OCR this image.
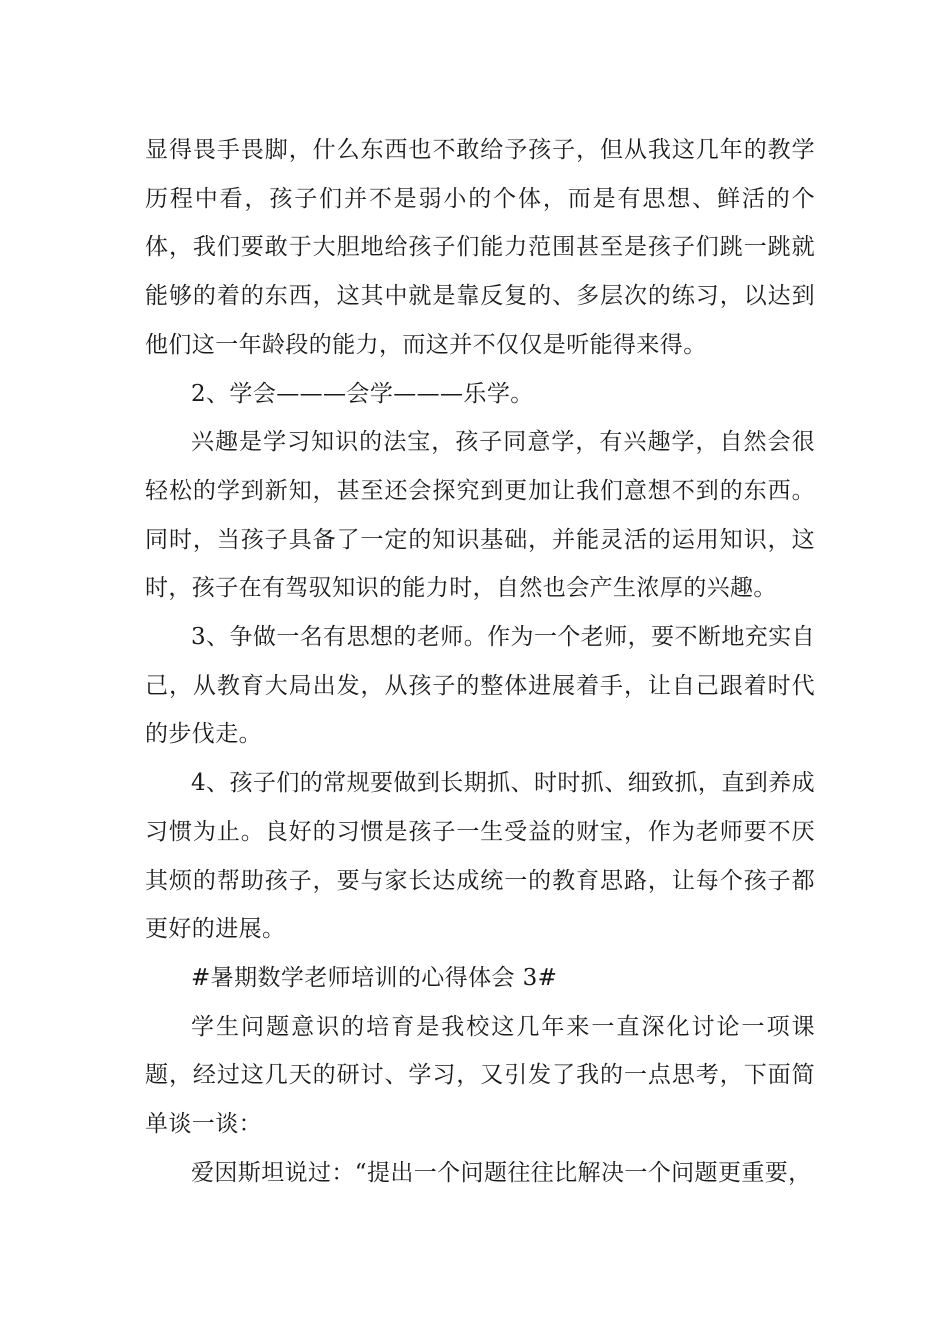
显得畏手畏脚，什么东西也不敢给予孩子，但从我这几年的教学历程中看，孩子们并不是弱小的个体，而是有思想、鲜活的个体，我们要敢于大胆地给孩子们能力范围甚至是孩子们跳一跳就能够的着的东西，这其中就是靠反复的、多层次的练习，以达到他们这一年龄段的能力，而这并不仅仅是听能得来得。

2、学会———会学———乐学。

兴趣是学习知识的法宝，孩子同意学，有兴趣学，自然会很轻松的学到新知，甚至还会探究到更加让我们意想不到的东西。同时，当孩子具备了一定的知识基础，并能灵活的运用知识，这时，孩子在有驾驭知识的能力时，自然也会产生浓厚的兴趣。

3、争做一名有思想的老师。作为一个老师，要不断地充实自己，从教育大局出发，从孩子的整体进展着手，让自己跟着时代的步伐走。

4、孩子们的常规要做到长期抓、时时抓、细致抓，直到养成习惯为止。良好的习惯是孩子一生受益的财宝，作为老师要不厌其烦的帮助孩子，要与家长达成统一的教育思路，让每个孩子都更好的进展。

#暑期数学老师培训的心得体会 3#

学生问题意识的培育是我校这几年来一直深化讨论一项课题，经过这几天的研讨、学习，又引发了我的一点思考，下面简单谈一谈：

爱因斯坦说过：“提出一个问题往往比解决一个问题更重要，
